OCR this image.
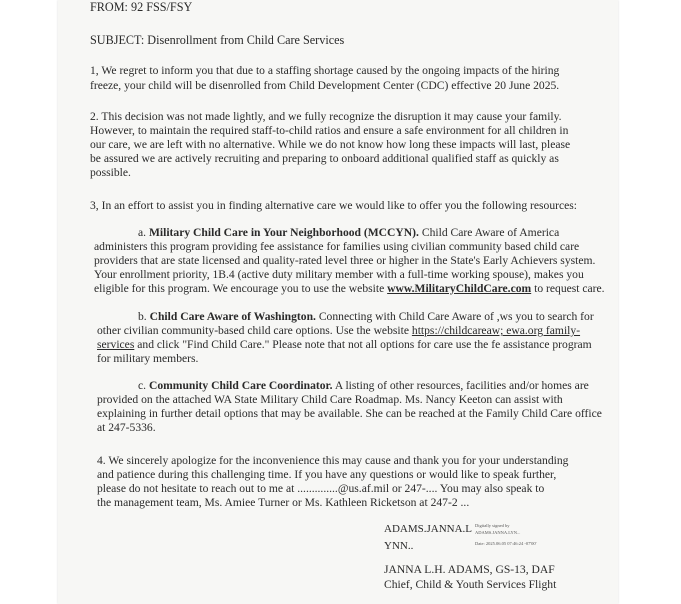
FROM: 92 FSS/FSY
SUBJECT: Disenrollment from Child Care Services
1, We regret to inform you that due to a staffing shortage caused by the ongoing impacts of the hiring
freeze, your child will be disenrolled from Child Development Center (CDC) effective 20 June 2025.
2. This decision was not made lightly, and we fully recognize the disruption it may cause your family.
However, to maintain the required staff-to-child ratios and ensure a safe environment for all children in
our care, we are left with no alternative. While we do not know how long these impacts will last, please
be assured we are actively recruiting and preparing to onboard additional qualified staff as quickly as
possible.
3, In an effort to assist you in finding alternative care we would like to offer you the following resources:
a. Military Child Care in Your Neighborhood (MCCYN). Child Care Aware of America
administers this program providing fee assistance for families using civilian community based child care
providers that are state licensed and quality-rated level three or higher in the State's Early Achievers system.
Your enrollment priority, 1B.4 (active duty military member with a full-time working spouse), makes you
eligible for this program. We encourage you to use the website www.MilitaryChildCare.com to request care.
b. Child Care Aware of Washington. Connecting with Child Care Aware of ,ws you to search for
other civilian community-based child care options. Use the website https://childcareaw; ewa.org family-
services and click "Find Child Care." Please note that not all options for care use the fe assistance program
for military members.
c. Community Child Care Coordinator. A listing of other resources, facilities and/or homes are
provided on the attached WA State Military Child Care Roadmap. Ms. Nancy Keeton can assist with
explaining in further detail options that may be available. She can be reached at the Family Child Care office
at 247-5336.
4. We sincerely apologize for the inconvenience this may cause and thank you for your understanding
and patience during this challenging time. If you have any questions or would like to speak further,
please do not hesitate to reach out to me at ..............@us.af.mil or 247-.... You may also speak to
the management team, Ms. Amiee Turner or Ms. Kathleen Ricketson at 247-2 ...
ADAMS.JANNA.L
YNN..
Digitally signed by
ADAMS.JANNA.LYN...
Date: 2025.06.05 07:46:24 -07'00'
JANNA L.H. ADAMS, GS-13, DAF
Chief, Child & Youth Services Flight
